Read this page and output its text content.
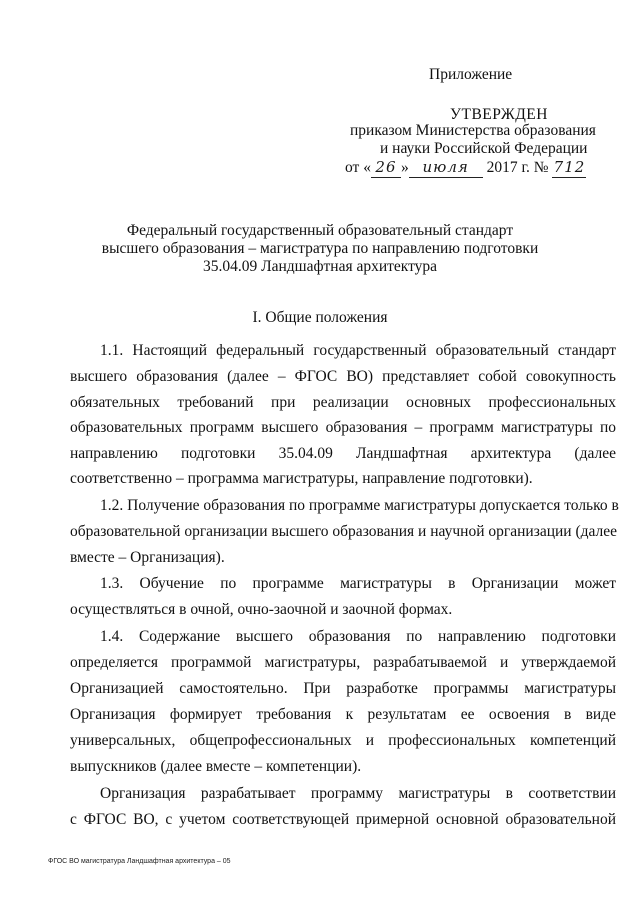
Приложение
УТВЕРЖДЕН
приказом Министерства образования
и науки Российской Федерации
от « 26 » июля 2017 г. № 712
Федеральный государственный образовательный стандарт
высшего образования – магистратура по направлению подготовки
35.04.09 Ландшафтная архитектура
I. Общие положения
1.1. Настоящий федеральный государственный образовательный стандарт
высшего образования (далее – ФГОС ВО) представляет собой совокупность
обязательных требований при реализации основных профессиональных
образовательных программ высшего образования – программ магистратуры по
направлению подготовки 35.04.09 Ландшафтная архитектура (далее
соответственно – программа магистратуры, направление подготовки).
1.2. Получение образования по программе магистратуры допускается только в
образовательной организации высшего образования и научной организации (далее
вместе – Организация).
1.3. Обучение по программе магистратуры в Организации может
осуществляться в очной, очно-заочной и заочной формах.
1.4. Содержание высшего образования по направлению подготовки
определяется программой магистратуры, разрабатываемой и утверждаемой
Организацией самостоятельно. При разработке программы магистратуры
Организация формирует требования к результатам ее освоения в виде
универсальных, общепрофессиональных и профессиональных компетенций
выпускников (далее вместе – компетенции).
Организация разрабатывает программу магистратуры в соответствии
с ФГОС ВО, с учетом соответствующей примерной основной образовательной
ФГОС ВО магистратура Ландшафтная архитектура – 05
